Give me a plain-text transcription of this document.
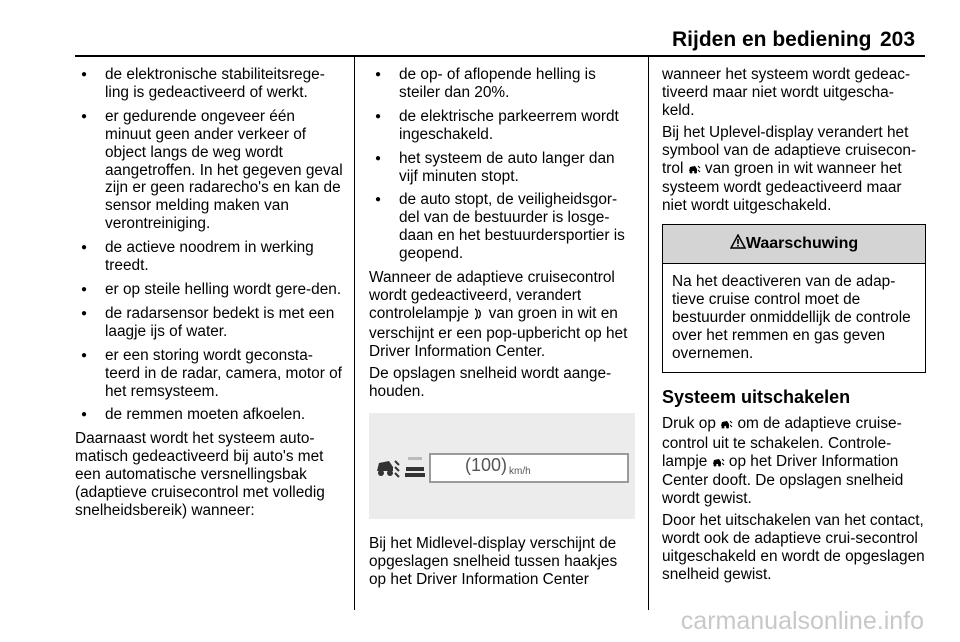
Rijden en bediening 203
● de elektronische stabiliteitsrege-ling is gedeactiveerd of werkt.
● er gedurende ongeveer één minuut geen ander verkeer of object langs de weg wordt aangetroffen. In het gegeven geval zijn er geen radarecho's en kan de sensor melding maken van verontreiniging.
● de actieve noodrem in werking treedt.
● er op steile helling wordt gere-den.
● de radarsensor bedekt is met een laagje ijs of water.
● er een storing wordt geconsta-teerd in de radar, camera, motor of het remsysteem.
● de remmen moeten afkoelen.

Daarnaast wordt het systeem auto-matisch gedeactiveerd bij auto's met een automatische versnellingsbak (adaptieve cruisecontrol met volledig snelheidsbereik) wanneer:

● de op- of aflopende helling is steiler dan 20%.
● de elektrische parkeerrem wordt ingeschakeld.
● het systeem de auto langer dan vijf minuten stopt.
● de auto stopt, de veiligheidsgor-del van de bestuurder is losge-daan en het bestuurdersportier is geopend.

Wanneer de adaptieve cruisecontrol wordt gedeactiveerd, verandert controlelampje  van groen in wit en verschijnt er een pop-upbericht op het Driver Information Center.

De opslagen snelheid wordt aange-houden.

(100) km/h

Bij het Midlevel-display verschijnt de opgeslagen snelheid tussen haakjes op het Driver Information Center

wanneer het systeem wordt gedeac-tiveerd maar niet wordt uitgescha-keld.

Bij het Uplevel-display verandert het symbool van de adaptieve cruisecon-trol  van groen in wit wanneer het systeem wordt gedeactiveerd maar niet wordt uitgeschakeld.

Waarschuwing
Na het deactiveren van de adap-tieve cruise control moet de bestuurder onmiddellijk de controle over het remmen en gas geven overnemen.
Systeem uitschakelen

Druk op  om de adaptieve cruise-control uit te schakelen. Controle-lampje  op het Driver Information Center dooft. De opslagen snelheid wordt gewist.

Door het uitschakelen van het contact, wordt ook de adaptieve crui-secontrol uitgeschakeld en wordt de opgeslagen snelheid gewist.

carmanualsonline.info
